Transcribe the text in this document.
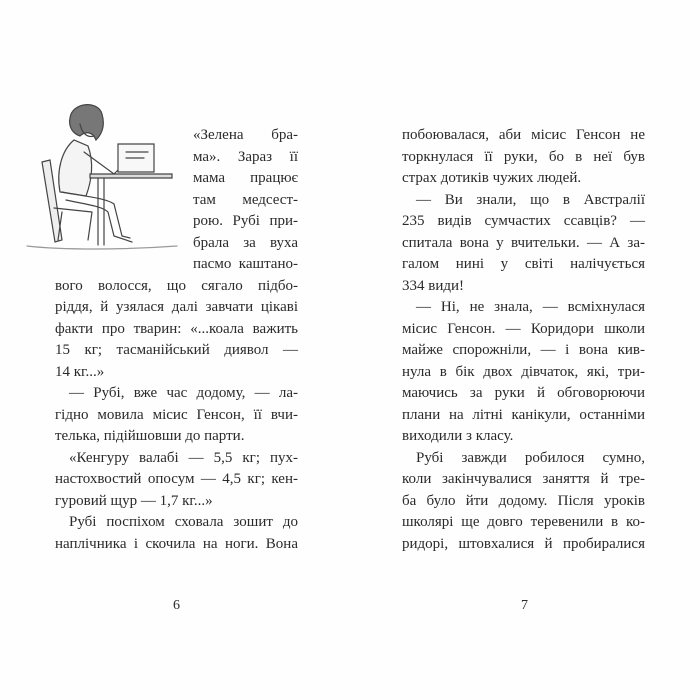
«Зелена бра-
ма». Зараз її
мама працює
там медсест-
рою. Рубі при-
брала за вуха
пасмо каштано-
вого волосся, що сягало підбо-
ріддя, й узялася далі завчати цікаві
факти про тварин: «...коала важить
15 кг; тасманійський диявол —
14 кг...»
— Рубі, вже час додому, — ла-
гідно мовила місис Генсон, її вчи-
телька, підійшовши до парти.
«Кенгуру валабі — 5,5 кг; пух-
настохвостий опосум — 4,5 кг; кен-
гуровий щур — 1,7 кг...»
Рубі поспіхом сховала зошит до
наплічника і скочила на ноги. Вона
6
побоювалася, аби місис Генсон не
торкнулася її руки, бо в неї був
страх дотиків чужих людей.
— Ви знали, що в Австралії
235 видів сумчастих ссавців? —
спитала вона у вчительки. — А за-
галом нині у світі налічується
334 види!
— Ні, не знала, — всміхнулася
місис Генсон. — Коридори школи
майже спорожніли, — і вона кив-
нула в бік двох дівчаток, які, три-
маючись за руки й обговорюючи
плани на літні канікули, останніми
виходили з класу.
Рубі завжди робилося сумно,
коли закінчувалися заняття й тре-
ба було йти додому. Після уроків
школярі ще довго теревенили в ко-
ридорі, штовхалися й пробиралися
7
